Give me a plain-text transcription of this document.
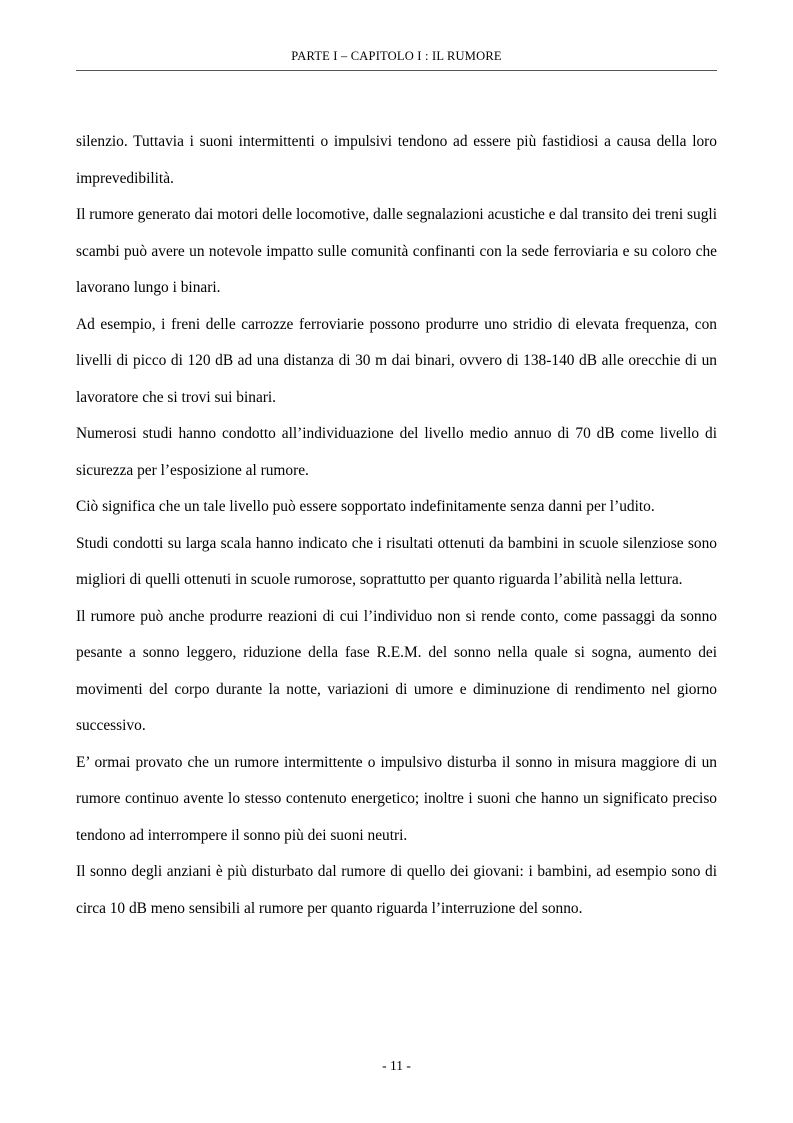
PARTE I – CAPITOLO I : IL RUMORE

silenzio. Tuttavia i suoni intermittenti o impulsivi tendono ad essere più fastidiosi a causa della loro imprevedibilità.

Il rumore generato dai motori delle locomotive, dalle segnalazioni acustiche e dal transito dei treni sugli scambi può avere un notevole impatto sulle comunità confinanti con la sede ferroviaria e su coloro che lavorano lungo i binari.

Ad esempio, i freni delle carrozze ferroviarie possono produrre uno stridio di elevata frequenza, con livelli di picco di 120 dB ad una distanza di 30 m dai binari, ovvero di 138-140 dB alle orecchie di un lavoratore che si trovi sui binari.

Numerosi studi hanno condotto all’individuazione del livello medio annuo di 70 dB come livello di sicurezza per l’esposizione al rumore.

Ciò significa che un tale livello può essere sopportato indefinitamente senza danni per l’udito.

Studi condotti su larga scala hanno indicato che i risultati ottenuti da bambini in scuole silenziose sono migliori di quelli ottenuti in scuole rumorose, soprattutto per quanto riguarda l’abilità nella lettura.

Il rumore può anche produrre reazioni di cui l’individuo non si rende conto, come passaggi da sonno pesante a sonno leggero, riduzione della fase R.E.M. del sonno nella quale si sogna, aumento dei movimenti del corpo durante la notte, variazioni di umore e diminuzione di rendimento nel giorno successivo.

E’ ormai provato che un rumore intermittente o impulsivo disturba il sonno in misura maggiore di un rumore continuo avente lo stesso contenuto energetico; inoltre i suoni che hanno un significato preciso tendono ad interrompere il sonno più dei suoni neutri.

Il sonno degli anziani è più disturbato dal rumore di quello dei giovani: i bambini, ad esempio sono di circa 10 dB meno sensibili al rumore per quanto riguarda l’interruzione del sonno.

- 11 -
